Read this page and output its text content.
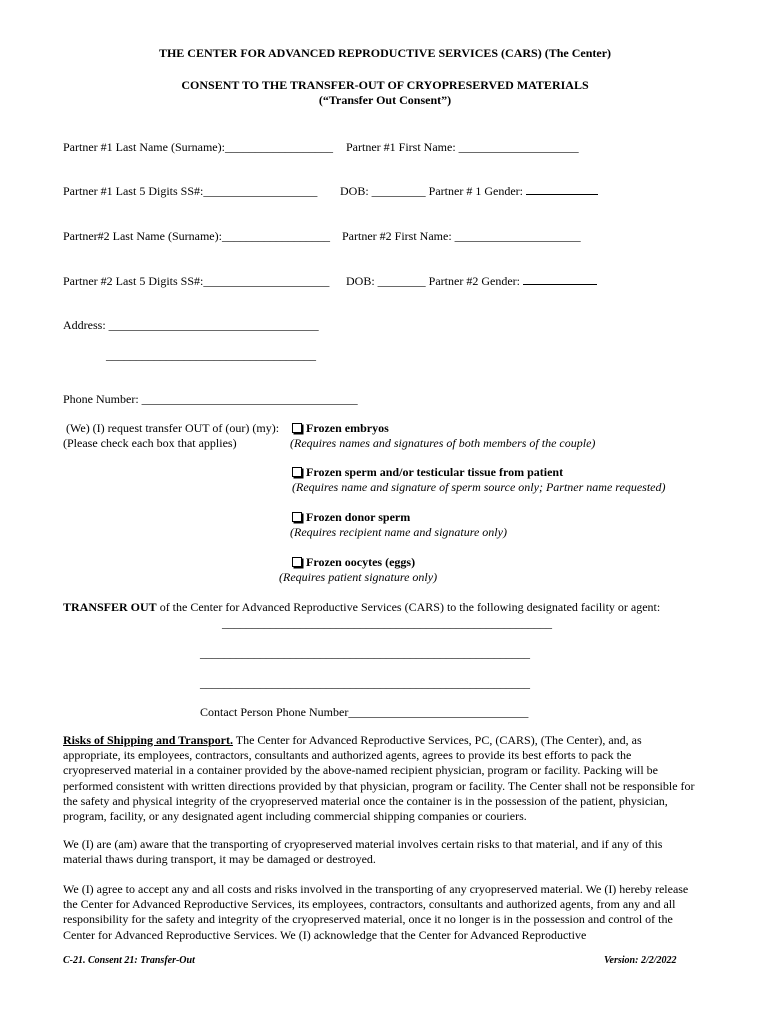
THE CENTER FOR ADVANCED REPRODUCTIVE SERVICES (CARS) (The Center)
CONSENT TO THE TRANSFER-OUT OF CRYOPRESERVED MATERIALS
(“Transfer Out Consent”)
Partner #1 Last Name (Surname):__________________ Partner #1 First Name: ____________________
Partner #1 Last 5 Digits SS#:___________________ DOB: _________ Partner # 1 Gender:
Partner#2 Last Name (Surname):__________________ Partner #2 First Name: _____________________
Partner #2 Last 5 Digits SS#:_____________________ DOB: ________ Partner #2 Gender:
Address: ___________________________________
___________________________________
Phone Number: ____________________________________
(We) (I) request transfer OUT of (our) (my):	Frozen embryos
(Please check each box that applies)	(Requires names and signatures of both members of the couple)
Frozen sperm and/or testicular tissue from patient
(Requires name and signature of sperm source only; Partner name requested)
Frozen donor sperm
(Requires recipient name and signature only)
Frozen oocytes (eggs)
(Requires patient signature only)
TRANSFER OUT of the Center for Advanced Reproductive Services (CARS) to the following designated facility or agent:
_______________________________________________________
_______________________________________________________
_______________________________________________________
Contact Person Phone Number______________________________
Risks of Shipping and Transport. The Center for Advanced Reproductive Services, PC, (CARS), (The Center), and, as appropriate, its employees, contractors, consultants and authorized agents, agrees to provide its best efforts to pack the cryopreserved material in a container provided by the above-named recipient physician, program or facility. Packing will be performed consistent with written directions provided by that physician, program or facility. The Center shall not be responsible for the safety and physical integrity of the cryopreserved material once the container is in the possession of the patient, physician, program, facility, or any designated agent including commercial shipping companies or couriers.
We (I) are (am) aware that the transporting of cryopreserved material involves certain risks to that material, and if any of this material thaws during transport, it may be damaged or destroyed.
We (I) agree to accept any and all costs and risks involved in the transporting of any cryopreserved material. We (I) hereby release the Center for Advanced Reproductive Services, its employees, contractors, consultants and authorized agents, from any and all responsibility for the safety and integrity of the cryopreserved material, once it no longer is in the possession and control of the Center for Advanced Reproductive Services. We (I) acknowledge that the Center for Advanced Reproductive
C-21. Consent 21: Transfer-Out	Version: 2/2/2022
